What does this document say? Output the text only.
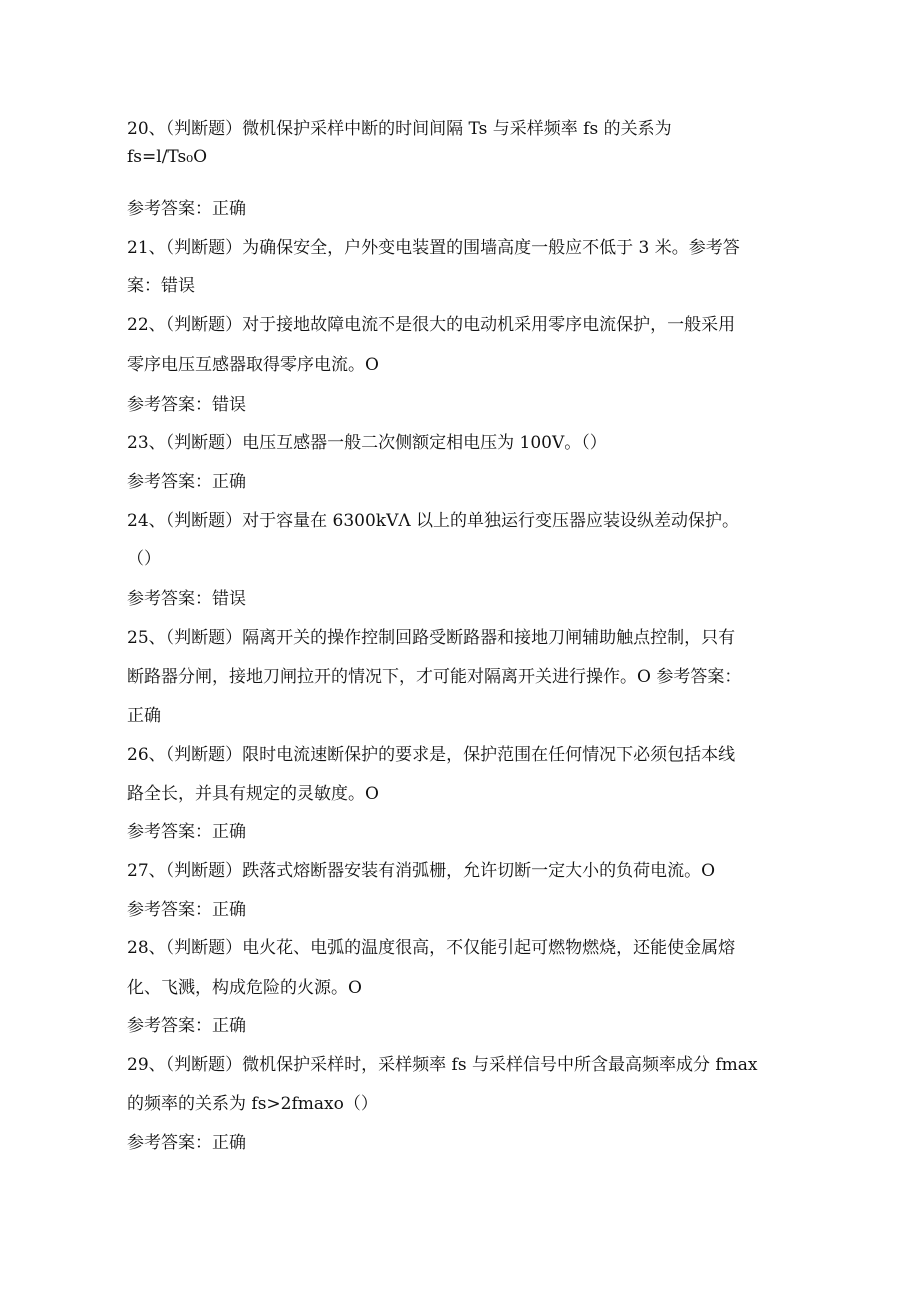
20、（判断题）微机保护采样中断的时间间隔 Ts 与采样频率 fs 的关系为
fs=l/Ts₀O
参考答案：正确
21、（判断题）为确保安全，户外变电装置的围墙高度一般应不低于 3 米。参考答
案：错误
22、（判断题）对于接地故障电流不是很大的电动机采用零序电流保护，一般采用
零序电压互感器取得零序电流。O
参考答案：错误
23、（判断题）电压互感器一般二次侧额定相电压为 100V。（）
参考答案：正确
24、（判断题）对于容量在 6300kVΛ 以上的单独运行变压器应装设纵差动保护。
（）
参考答案：错误
25、（判断题）隔离开关的操作控制回路受断路器和接地刀闸辅助触点控制，只有
断路器分闸，接地刀闸拉开的情况下，才可能对隔离开关进行操作。O 参考答案：
正确
26、（判断题）限时电流速断保护的要求是，保护范围在任何情况下必须包括本线
路全长，并具有规定的灵敏度。O
参考答案：正确
27、（判断题）跌落式熔断器安装有消弧栅，允许切断一定大小的负荷电流。O
参考答案：正确
28、（判断题）电火花、电弧的温度很高，不仅能引起可燃物燃烧，还能使金属熔
化、飞溅，构成危险的火源。O
参考答案：正确
29、（判断题）微机保护采样时，采样频率 fs 与采样信号中所含最高频率成分 fmax
的频率的关系为 fs>2fmaxo（）
参考答案：正确
